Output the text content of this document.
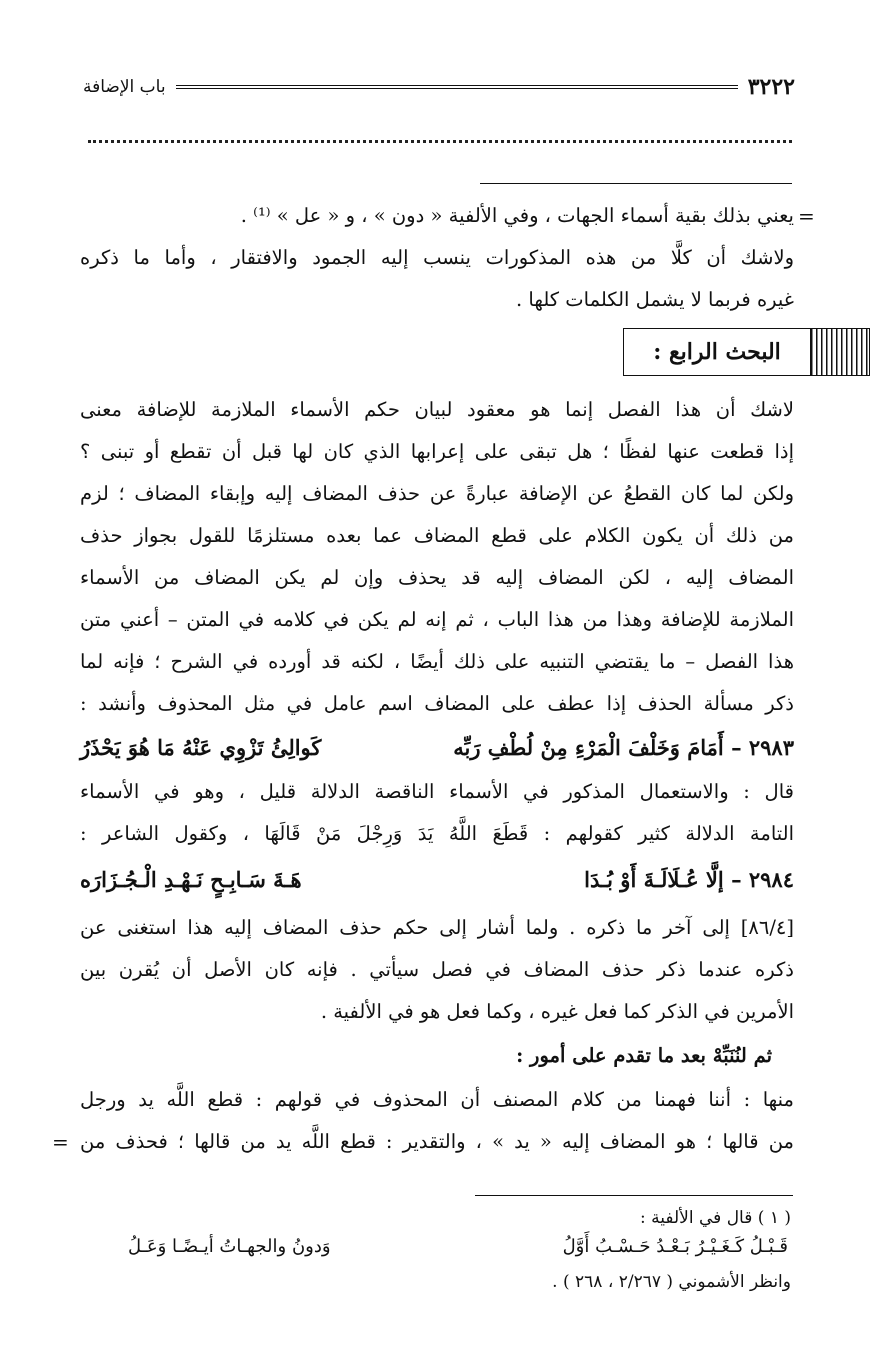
٣٢٢٢
باب الإضافة
=
يعني بذلك بقية أسماء الجهات ، وفي الألفية « دون » ، و « عل » ⁽¹⁾ .
ولاشك أن كلًّا من هذه المذكورات ينسب إليه الجمود والافتقار ، وأما ما ذكره
غيره فربما لا يشمل الكلمات كلها .
البحث الرابع :
لاشك أن هذا الفصل إنما هو معقود لبيان حكم الأسماء الملازمة للإضافة معنى
إذا قطعت عنها لفظًا ؛ هل تبقى على إعرابها الذي كان لها قبل أن تقطع أو تبنى ؟
ولكن لما كان القطعُ عن الإضافة عبارةً عن حذف المضاف إليه وإبقاء المضاف ؛ لزم
من ذلك أن يكون الكلام على قطع المضاف عما بعده مستلزمًا للقول بجواز حذف
المضاف إليه ، لكن المضاف إليه قد يحذف وإن لم يكن المضاف من الأسماء
الملازمة للإضافة وهذا من هذا الباب ، ثم إنه لم يكن في كلامه في المتن – أعني متن
هذا الفصل – ما يقتضي التنبيه على ذلك أيضًا ، لكنه قد أورده في الشرح ؛ فإنه لما
ذكر مسألة الحذف إذا عطف على المضاف اسم عامل في مثل المحذوف وأنشد :
٢٩٨٣ – أَمَامَ وَخَلْفَ الْمَرْءِ مِنْ لُطْفِ رَبِّه
كَوالِئُ تَزْوِي عَنْهُ مَا هُوَ يَحْذَرُ
قال : والاستعمال المذكور في الأسماء الناقصة الدلالة قليل ، وهو في الأسماء
التامة الدلالة كثير كقولهم : قَطَعَ اللَّهُ يَدَ وَرِجْلَ مَنْ قَالَهَا ، وكقول الشاعر :
٢٩٨٤ – إلَّا عُـلَالَـةَ أَوْ بُـدَا
هَـةَ سَـابِـحٍ نَـهْـدِ الْـجُـزَارَه
[٨٦/٤] إلى آخر ما ذكره . ولما أشار إلى حكم حذف المضاف إليه هذا استغنى عن
ذكره عندما ذكر حذف المضاف في فصل سيأتي . فإنه كان الأصل أن يُقرن بين
الأمرين في الذكر كما فعل غيره ، وكما فعل هو في الألفية .
ثم لنُنَبِّهْ بعد ما تقدم على أمور :
منها : أننا فهمنا من كلام المصنف أن المحذوف في قولهم : قطع اللَّه يد ورجل
من قالها ؛ هو المضاف إليه « يد » ، والتقدير : قطع اللَّه يد من قالها ؛ فحذف من
=
( ١ ) قال في الألفية :
قَـبْـلُ كَـغَـيْـرُ بَـعْـدُ حَـسْـبُ أَوَّلُ
وَدونُ والجهـاتُ أيـضًـا وَعَـلُ
وانظر الأشموني ( ٢/٢٦٧ ، ٢٦٨ ) .
